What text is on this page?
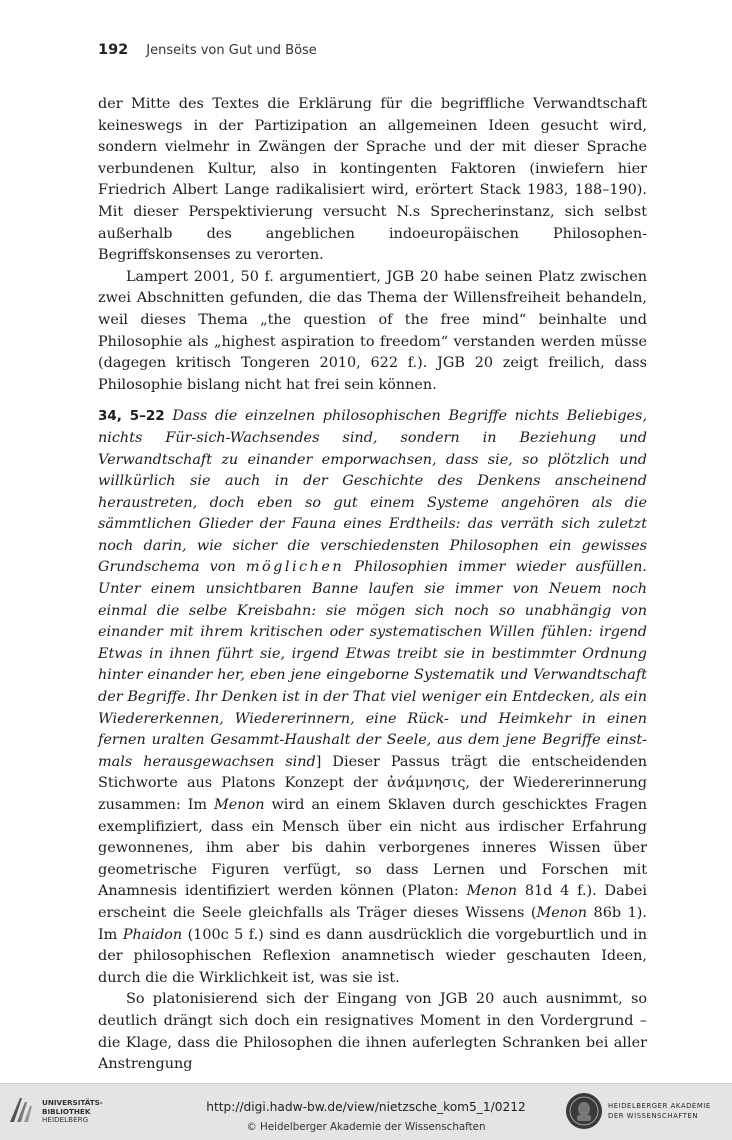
192 Jenseits von Gut und Böse

der Mitte des Textes die Erklärung für die begriffliche Verwandtschaft keineswegs in der Partizipation an allgemeinen Ideen gesucht wird, sondern vielmehr in Zwängen der Sprache und der mit dieser Sprache verbundenen Kultur, also in kontingenten Faktoren (inwiefern hier Friedrich Albert Lange radikalisiert wird, erörtert Stack 1983, 188–190). Mit dieser Perspektivierung versucht N.s Sprecherinstanz, sich selbst außerhalb des angeblichen indoeuropäischen Philosophen-Begriffskonsenses zu verorten.

Lampert 2001, 50 f. argumentiert, JGB 20 habe seinen Platz zwischen zwei Abschnitten gefunden, die das Thema der Willensfreiheit behandeln, weil dieses Thema „the question of the free mind“ beinhalte und Philosophie als „highest aspiration to freedom“ verstanden werden müsse (dagegen kritisch Tongeren 2010, 622 f.). JGB 20 zeigt freilich, dass Philosophie bislang nicht hat frei sein können.

34, 5–22 Dass die einzelnen philosophischen Begriffe nichts Beliebiges, nichts Für-sich-Wachsendes sind, sondern in Beziehung und Verwandtschaft zu einander emporwachsen, dass sie, so plötzlich und willkürlich sie auch in der Geschichte des Denkens anscheinend heraustreten, doch eben so gut einem Systeme angehören als die sämmtlichen Glieder der Fauna eines Erdtheils: das verräth sich zuletzt noch darin, wie sicher die verschiedensten Philosophen ein gewisses Grundschema von möglichen Philosophien immer wieder ausfüllen. Unter einem unsichtbaren Banne laufen sie immer von Neuem noch einmal die selbe Kreisbahn: sie mögen sich noch so unabhängig von einander mit ihrem kritischen oder systematischen Willen fühlen: irgend Etwas in ihnen führt sie, irgend Etwas treibt sie in bestimmter Ordnung hinter einander her, eben jene eingeborne Systematik und Verwandtschaft der Begriffe. Ihr Denken ist in der That viel weniger ein Entdecken, als ein Wiedererkennen, Wiedererinnern, eine Rück- und Heimkehr in einen fernen uralten Gesammt-Haushalt der Seele, aus dem jene Begriffe einstmals herausgewachsen sind] Dieser Passus trägt die entscheidenden Stichworte aus Platons Konzept der ἀνάμνησις, der Wiedererinnerung zusammen: Im Menon wird an einem Sklaven durch geschicktes Fragen exemplifiziert, dass ein Mensch über ein nicht aus irdischer Erfahrung gewonnenes, ihm aber bis dahin verborgenes inneres Wissen über geometrische Figuren verfügt, so dass Lernen und Forschen mit Anamnesis identifiziert werden können (Platon: Menon 81d 4 f.). Dabei erscheint die Seele gleichfalls als Träger dieses Wissens (Menon 86b 1). Im Phaidon (100c 5 f.) sind es dann ausdrücklich die vorgeburtlich und in der philosophischen Reflexion anamnetisch wieder geschauten Ideen, durch die die Wirklichkeit ist, was sie ist.

So platonisierend sich der Eingang von JGB 20 auch ausnimmt, so deutlich drängt sich doch ein resignatives Moment in den Vordergrund – die Klage, dass die Philosophen die ihnen auferlegten Schranken bei aller Anstrengung

UNIVERSITÄTS-
BIBLIOTHEK
HEIDELBERG
http://digi.hadw-bw.de/view/nietzsche_kom5_1/0212
© Heidelberger Akademie der Wissenschaften
HEIDELBERGER AKADEMIE
DER WISSENSCHAFTEN
